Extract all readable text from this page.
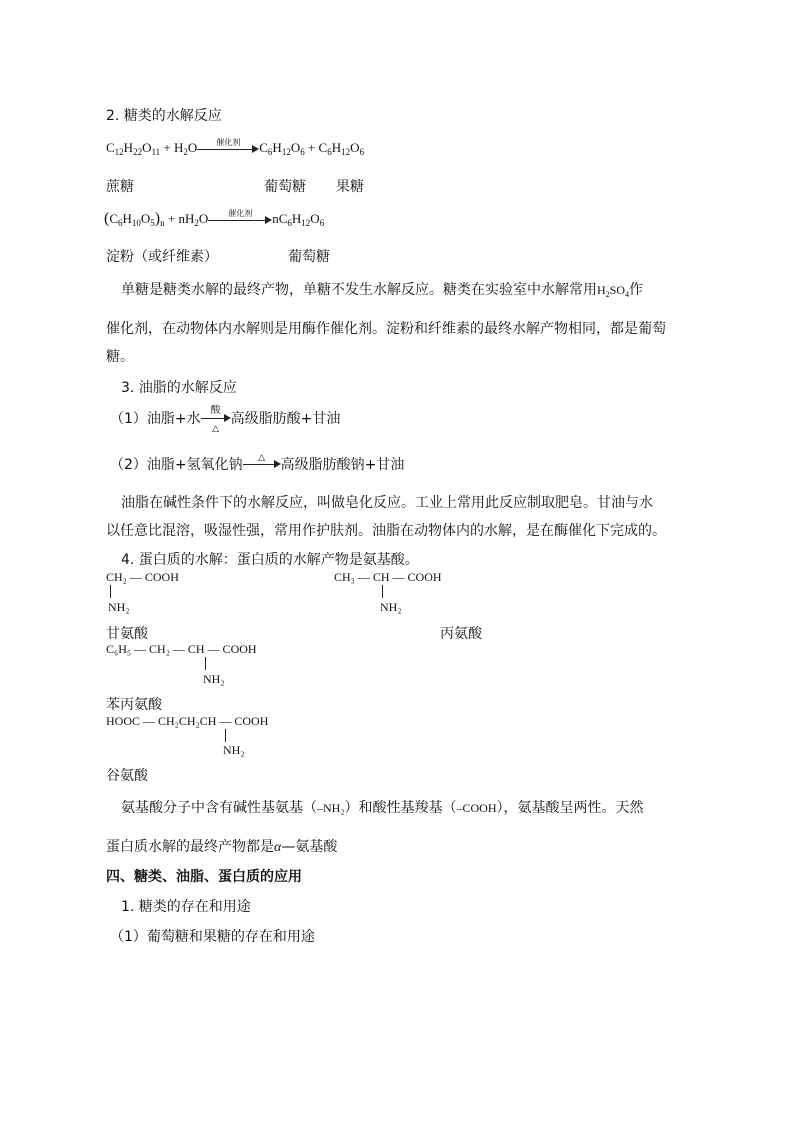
2. 糖类的水解反应
$C_{12}H_{22}O_{11} + H_2O$	催化剂	$C_6H_{12}O_6 + C_6H_{12}O_6$
蔗糖	葡萄糖 果糖
$(C_6H_{10}O_5)_n + nH_2O$	催化剂	$nC_6H_{12}O_6$
淀粉（或纤维素）	葡萄糖
单糖是糖类水解的最终产物，单糖不发生水解反应。糖类在实验室中水解常用$H_2SO_4$作
催化剂，在动物体内水解则是用酶作催化剂。淀粉和纤维素的最终水解产物相同，都是葡萄
糖。
3. 油脂的水解反应
（1）油脂+水
酸
△
高级脂肪酸+甘油
（2）油脂+氢氧化钠	△	高级脂肪酸钠+甘油
油脂在碱性条件下的水解反应，叫做皂化反应。工业上常用此反应制取肥皂。甘油与水
以任意比混溶，吸湿性强，常用作护肤剂。油脂在动物体内的水解，是在酶催化下完成的。
4. 蛋白质的水解：蛋白质的水解产物是氨基酸。
CH₂ — COOH
NH₂
CH₃ — CH — COOH
NH₂
甘氨酸	丙氨酸
C₆H₅ — CH₂ — CH — COOH
NH₂
苯丙氨酸
HOOC — CH₂CH₂CH — COOH
NH₂
谷氨酸
氨基酸分子中含有碱性基氨基（–NH₂）和酸性基羧基（–COOH），氨基酸呈两性。天然
蛋白质水解的最终产物都是α—氨基酸
四、糖类、油脂、蛋白质的应用
1. 糖类的存在和用途
（1）葡萄糖和果糖的存在和用途
